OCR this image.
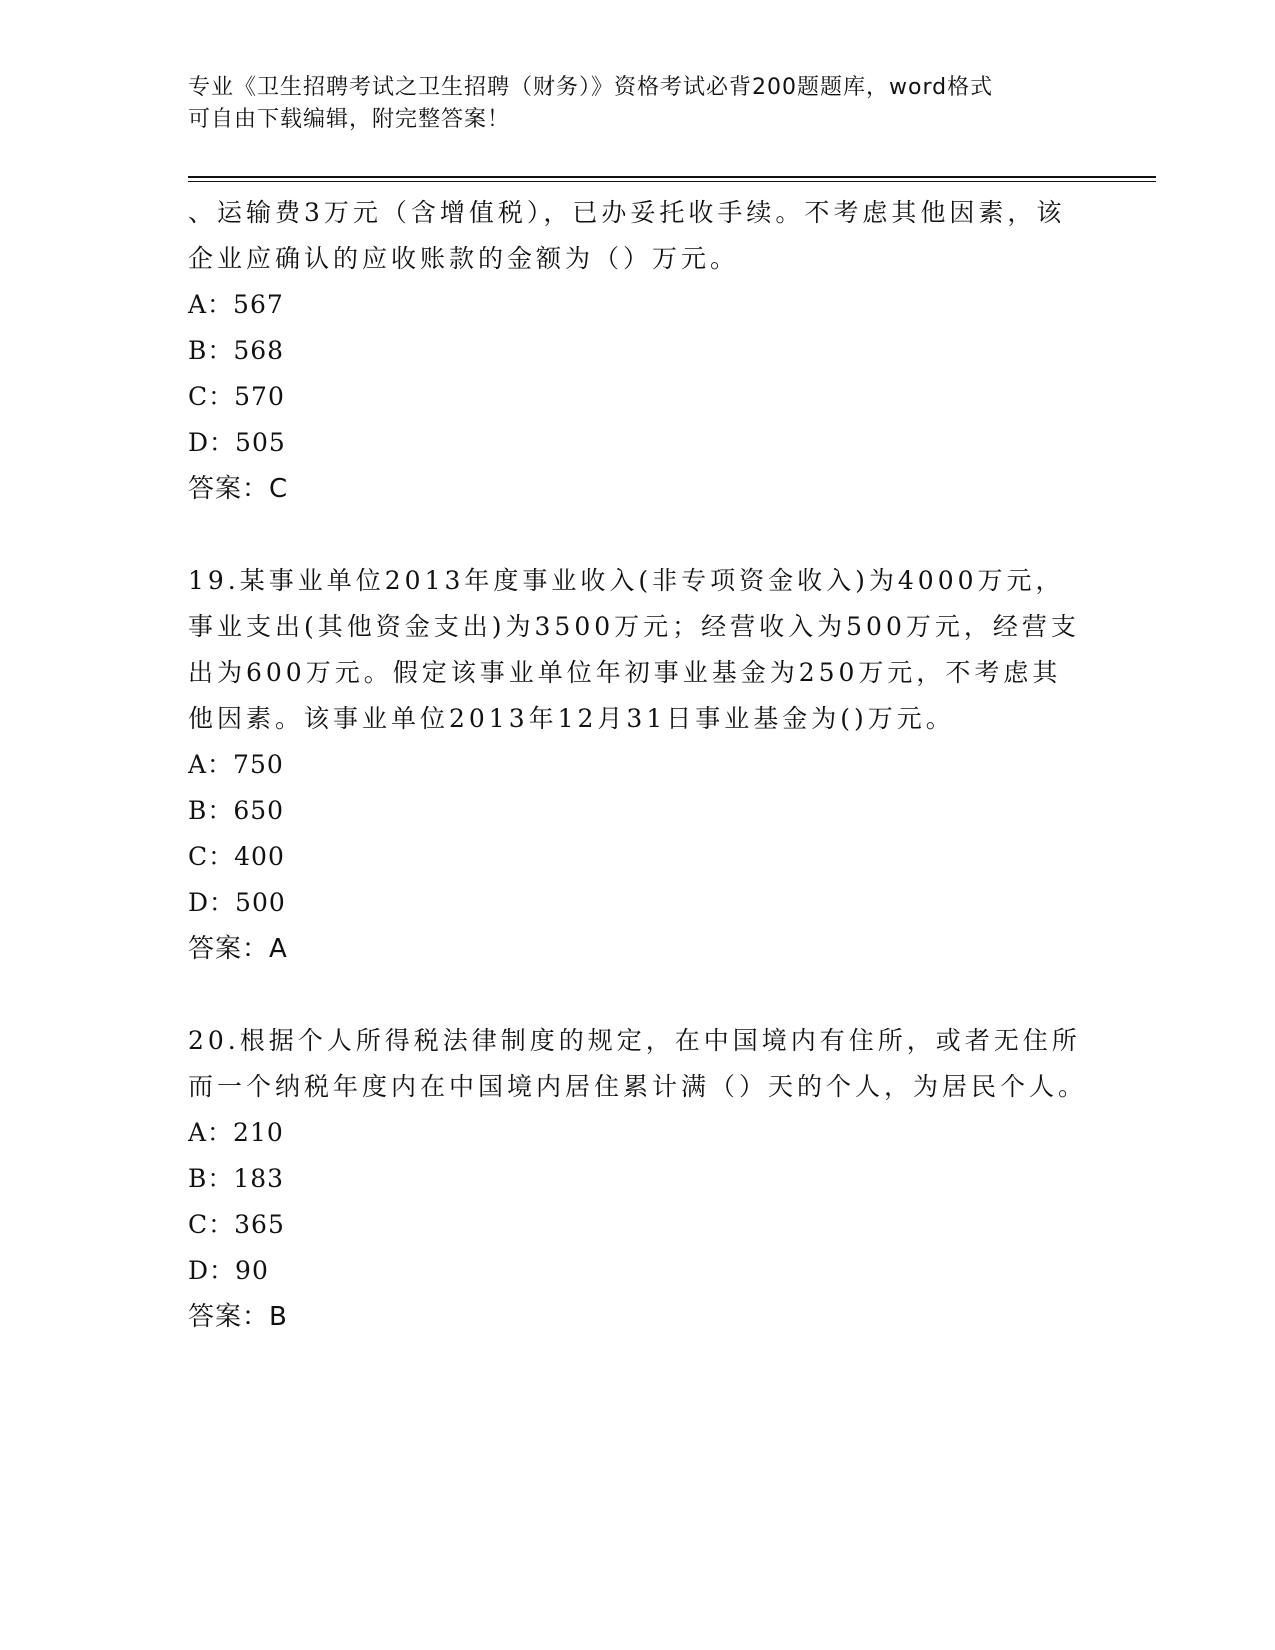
专业《卫生招聘考试之卫生招聘（财务）》资格考试必背200题题库，word格式
可自由下载编辑，附完整答案！

、运输费3万元（含增值税），已办妥托收手续。不考虑其他因素，该企业应确认的应收账款的金额为（）万元。

A：567

B：568

C：570

D：505

答案：C

19.某事业单位2013年度事业收入(非专项资金收入)为4000万元，事业支出(其他资金支出)为3500万元；经营收入为500万元，经营支出为600万元。假定该事业单位年初事业基金为250万元，不考虑其他因素。该事业单位2013年12月31日事业基金为()万元。

A：750

B：650

C：400

D：500

答案：A

20.根据个人所得税法律制度的规定，在中国境内有住所，或者无住所而一个纳税年度内在中国境内居住累计满（）天的个人，为居民个人。

A：210

B：183

C：365

D：90

答案：B
